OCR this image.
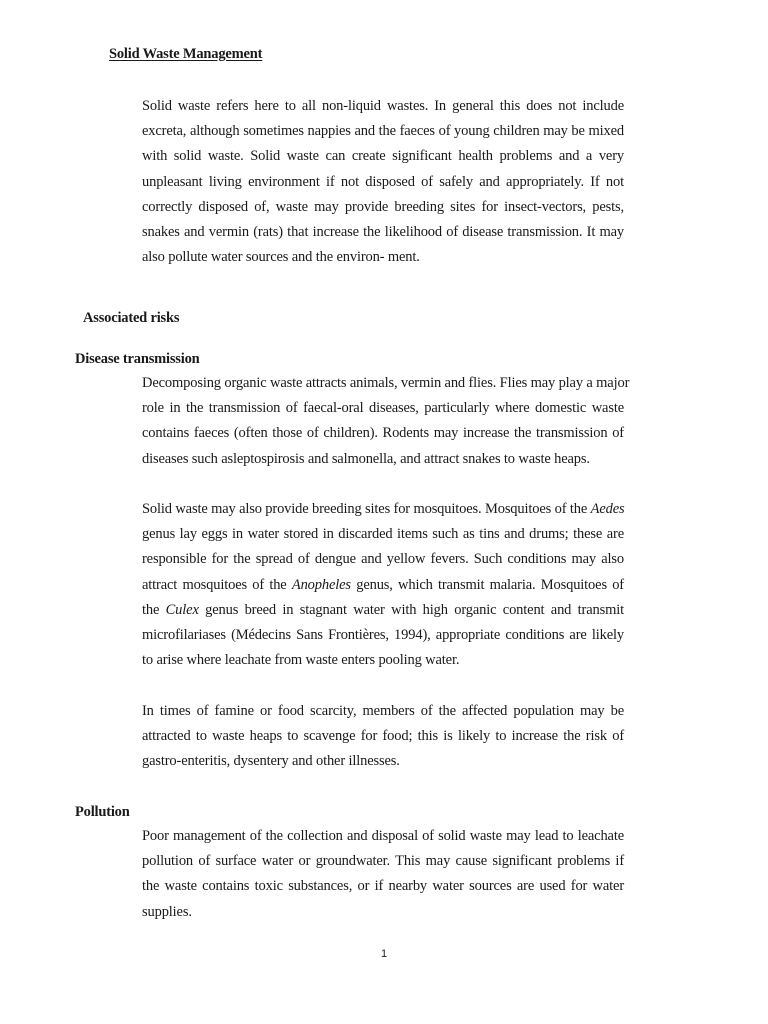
Solid Waste Management
Solid waste refers here to all non-liquid wastes. In general this does not include
excreta, although sometimes nappies and the faeces of young children may be mixed
with solid waste. Solid waste can create significant health problems and a very
unpleasant living environment if not disposed of safely and appropriately. If not
correctly disposed of, waste may provide breeding sites for insect-vectors, pests,
snakes and vermin (rats) that increase the likelihood of disease transmission. It may
also pollute water sources and the environ- ment.
Associated risks
Disease transmission
Decomposing organic waste attracts animals, vermin and flies. Flies may play a major
role in the transmission of faecal-oral diseases, particularly where domestic waste
contains faeces (often those of children). Rodents may increase the transmission of
diseases such asleptospirosis and salmonella, and attract snakes to waste heaps.
Solid waste may also provide breeding sites for mosquitoes. Mosquitoes of the Aedes
genus lay eggs in water stored in discarded items such as tins and drums; these are
responsible for the spread of dengue and yellow fevers. Such conditions may also
attract mosquitoes of the Anopheles genus, which transmit malaria. Mosquitoes of
the Culex genus breed in stagnant water with high organic content and transmit
microfilariases (Médecins Sans Frontières, 1994), appropriate conditions are likely
to arise where leachate from waste enters pooling water.
In times of famine or food scarcity, members of the affected population may be
attracted to waste heaps to scavenge for food; this is likely to increase the risk of
gastro-enteritis, dysentery and other illnesses.
Pollution
Poor management of the collection and disposal of solid waste may lead to leachate
pollution of surface water or groundwater. This may cause significant problems if
the waste contains toxic substances, or if nearby water sources are used for water
supplies.
1
